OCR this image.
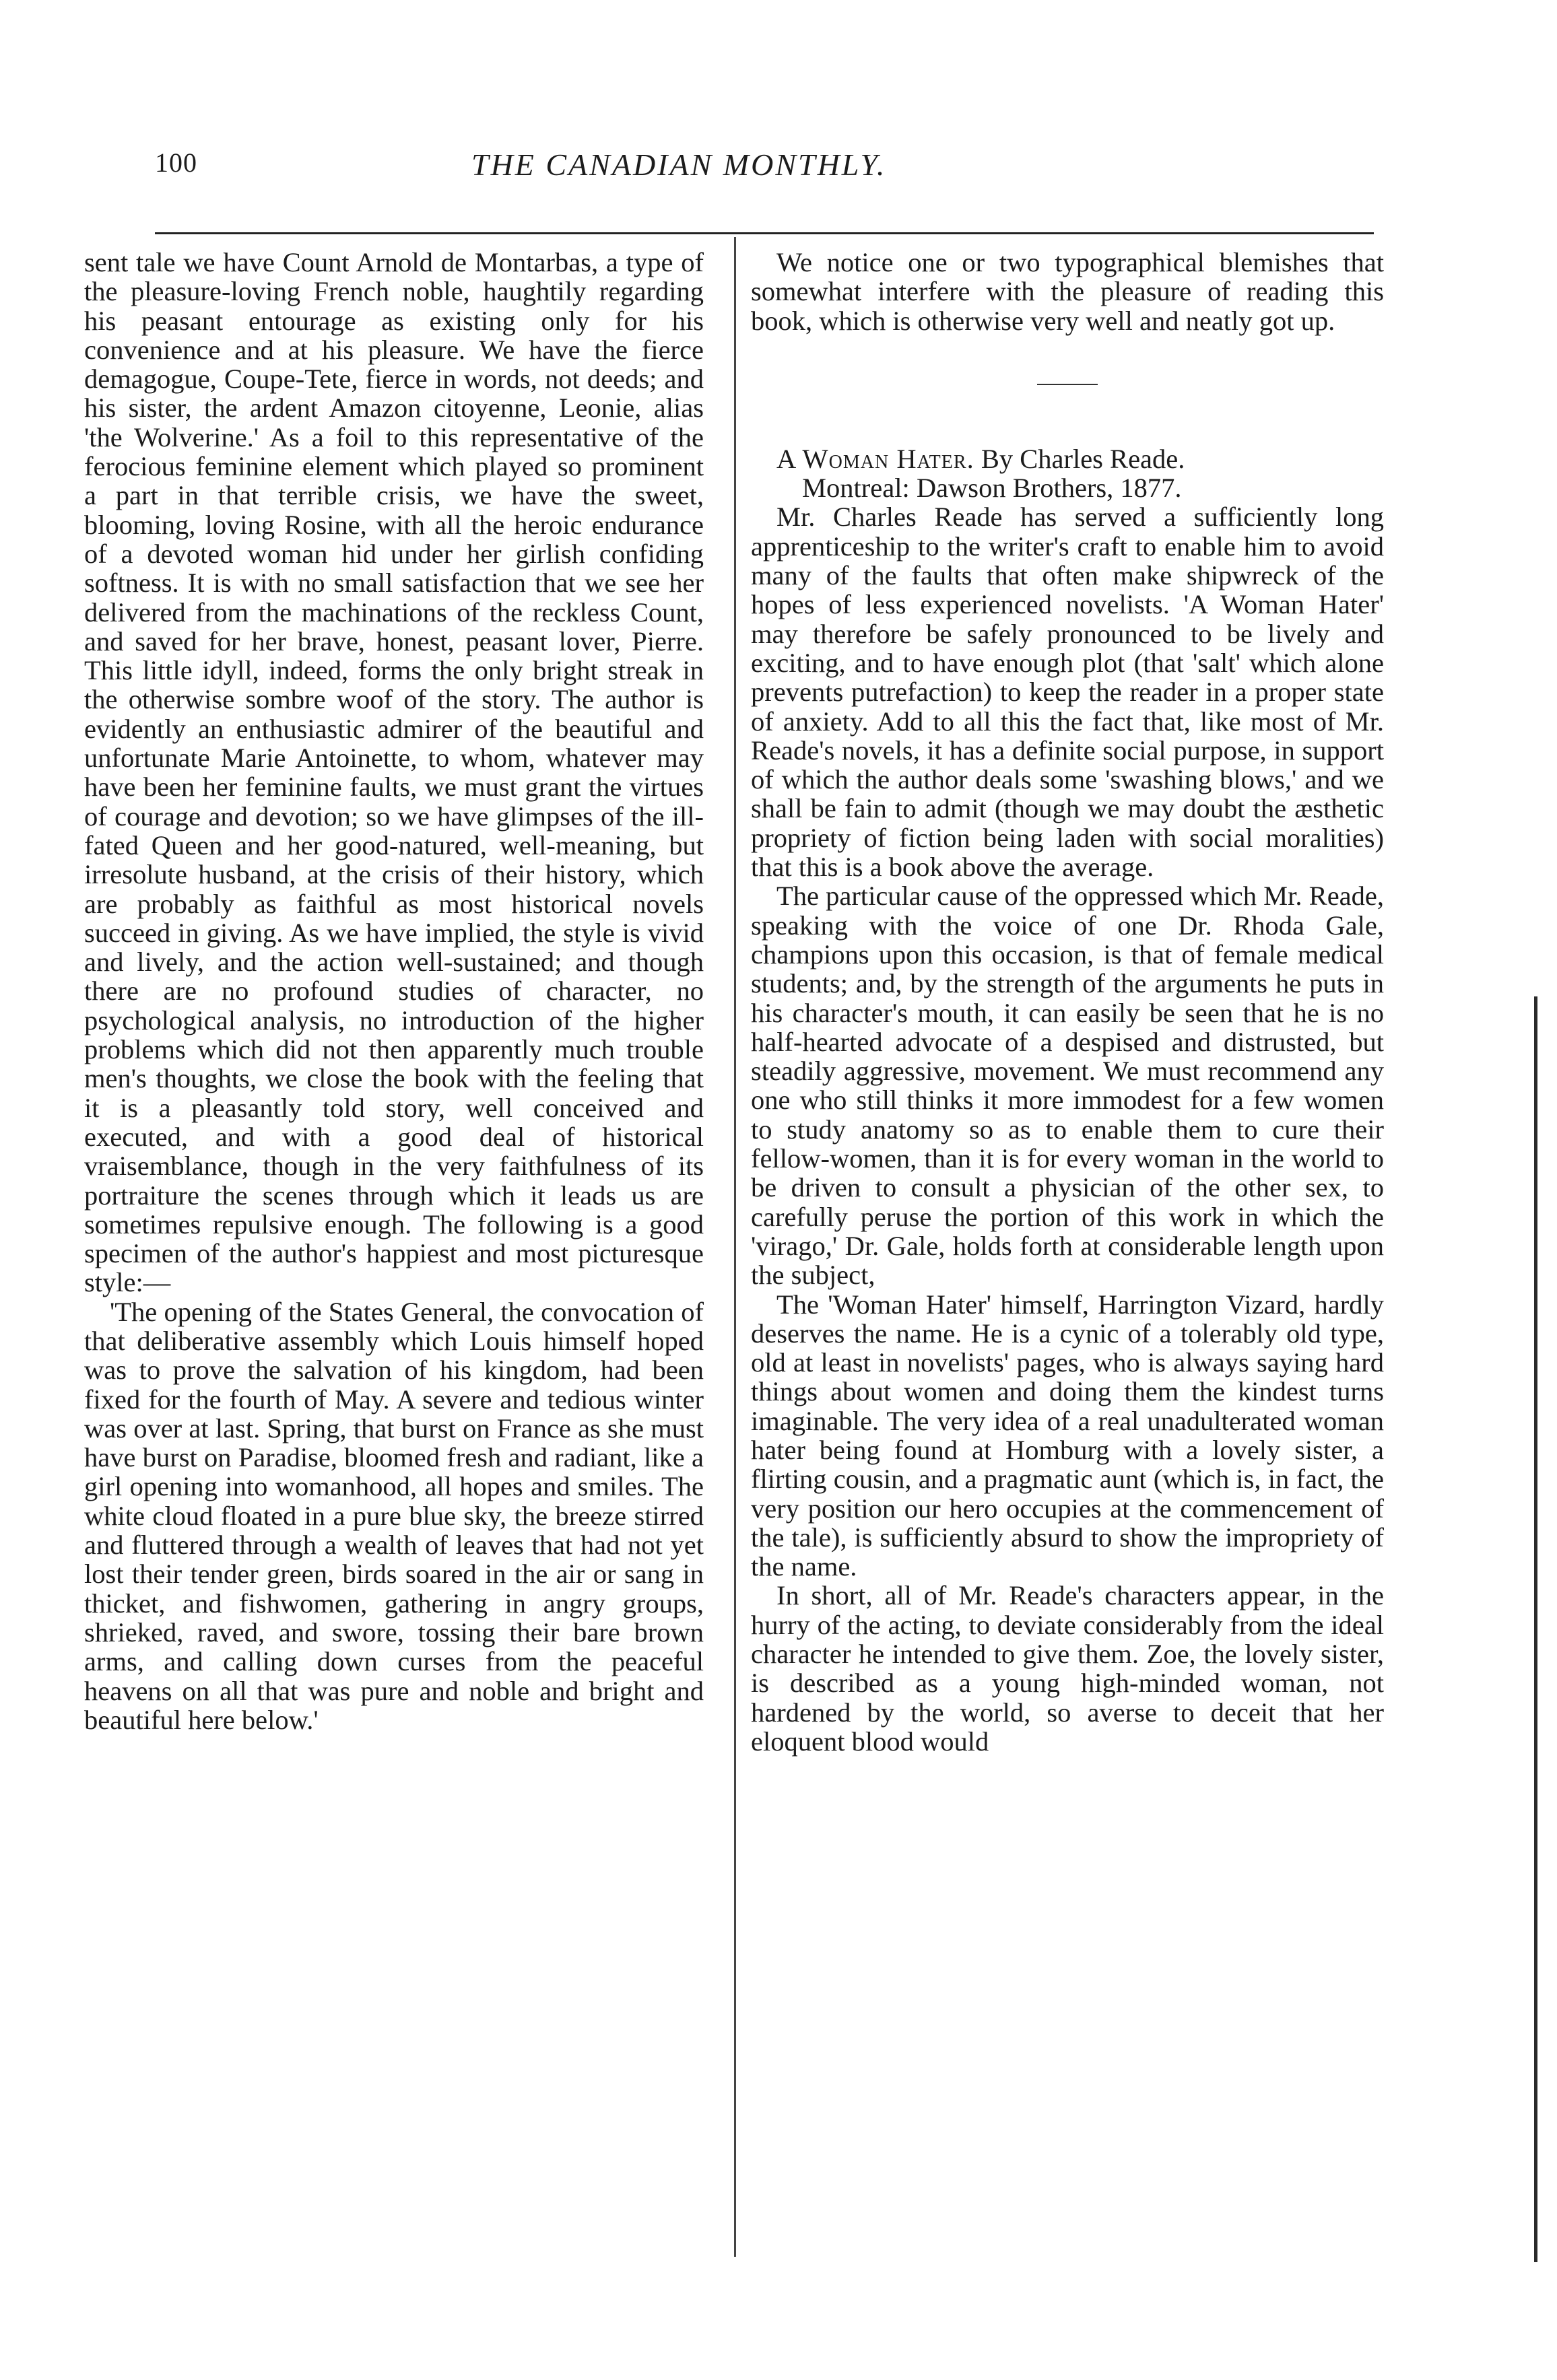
100	THE CANADIAN MONTHLY.

sent tale we have Count Arnold de Montarbas, a type of the pleasure-loving French noble, haughtily regarding his peasant entourage as existing only for his convenience and at his pleasure. We have the fierce demagogue, Coupe-Tete, fierce in words, not deeds; and his sister, the ardent Amazon citoyenne, Leonie, alias 'the Wolverine.' As a foil to this representative of the ferocious feminine element which played so prominent a part in that terrible crisis, we have the sweet, blooming, loving Rosine, with all the heroic endurance of a devoted woman hid under her girlish confiding softness. It is with no small satisfaction that we see her delivered from the machinations of the reckless Count, and saved for her brave, honest, peasant lover, Pierre. This little idyll, indeed, forms the only bright streak in the otherwise sombre woof of the story. The author is evidently an enthusiastic admirer of the beautiful and unfortunate Marie Antoinette, to whom, whatever may have been her feminine faults, we must grant the virtues of courage and devotion; so we have glimpses of the ill-fated Queen and her good-natured, well-meaning, but irresolute husband, at the crisis of their history, which are probably as faithful as most historical novels succeed in giving. As we have implied, the style is vivid and lively, and the action well-sustained; and though there are no profound studies of character, no psychological analysis, no introduction of the higher problems which did not then apparently much trouble men's thoughts, we close the book with the feeling that it is a pleasantly told story, well conceived and executed, and with a good deal of historical vraisemblance, though in the very faithfulness of its portraiture the scenes through which it leads us are sometimes repulsive enough. The following is a good specimen of the author's happiest and most picturesque style:—

'The opening of the States General, the convocation of that deliberative assembly which Louis himself hoped was to prove the salvation of his kingdom, had been fixed for the fourth of May. A severe and tedious winter was over at last. Spring, that burst on France as she must have burst on Paradise, bloomed fresh and radiant, like a girl opening into womanhood, all hopes and smiles. The white cloud floated in a pure blue sky, the breeze stirred and fluttered through a wealth of leaves that had not yet lost their tender green, birds soared in the air or sang in thicket, and fishwomen, gathering in angry groups, shrieked, raved, and swore, tossing their bare brown arms, and calling down curses from the peaceful heavens on all that was pure and noble and bright and beautiful here below.'

We notice one or two typographical blemishes that somewhat interfere with the pleasure of reading this book, which is otherwise very well and neatly got up.

A Woman Hater. By Charles Reade.
Montreal: Dawson Brothers, 1877.

Mr. Charles Reade has served a sufficiently long apprenticeship to the writer's craft to enable him to avoid many of the faults that often make shipwreck of the hopes of less experienced novelists. 'A Woman Hater' may therefore be safely pronounced to be lively and exciting, and to have enough plot (that 'salt' which alone prevents putrefaction) to keep the reader in a proper state of anxiety. Add to all this the fact that, like most of Mr. Reade's novels, it has a definite social purpose, in support of which the author deals some 'swashing blows,' and we shall be fain to admit (though we may doubt the æsthetic propriety of fiction being laden with social moralities) that this is a book above the average.

The particular cause of the oppressed which Mr. Reade, speaking with the voice of one Dr. Rhoda Gale, champions upon this occasion, is that of female medical students; and, by the strength of the arguments he puts in his character's mouth, it can easily be seen that he is no half-hearted advocate of a despised and distrusted, but steadily aggressive, movement. We must recommend any one who still thinks it more immodest for a few women to study anatomy so as to enable them to cure their fellow-women, than it is for every woman in the world to be driven to consult a physician of the other sex, to carefully peruse the portion of this work in which the 'virago,' Dr. Gale, holds forth at considerable length upon the subject,

The 'Woman Hater' himself, Harrington Vizard, hardly deserves the name. He is a cynic of a tolerably old type, old at least in novelists' pages, who is always saying hard things about women and doing them the kindest turns imaginable. The very idea of a real unadulterated woman hater being found at Homburg with a lovely sister, a flirting cousin, and a pragmatic aunt (which is, in fact, the very position our hero occupies at the commencement of the tale), is sufficiently absurd to show the impropriety of the name.

In short, all of Mr. Reade's characters appear, in the hurry of the acting, to deviate considerably from the ideal character he intended to give them. Zoe, the lovely sister, is described as a young high-minded woman, not hardened by the world, so averse to deceit that her eloquent blood would
